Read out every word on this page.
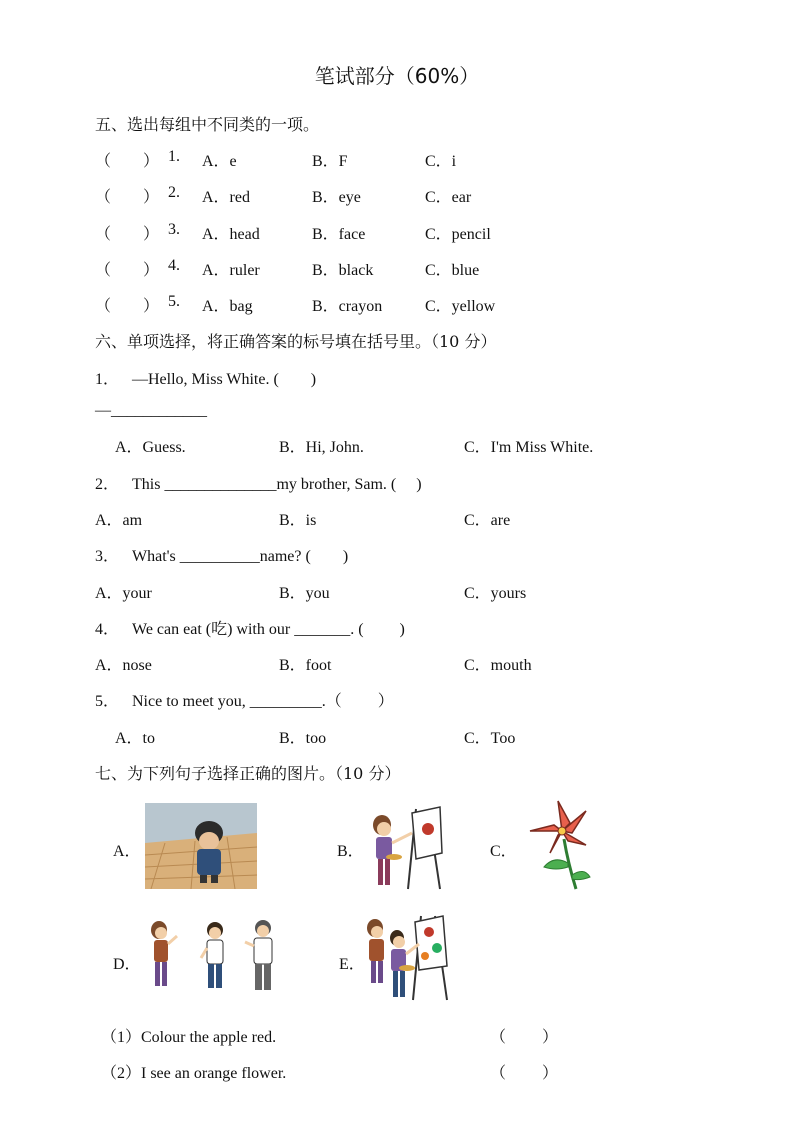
笔试部分（60%）
五、选出每组中不同类的一项。
（　　） 1. A．e	B．F	C．i
（　　） 2. A．red	B．eye	C．ear
（　　） 3. A．head	B．face	C．pencil
（　　） 4. A．ruler	B．black	C．blue
（　　） 5. A．bag	B．crayon	C．yellow
六、单项选择，将正确答案的标号填在括号里。（10 分）
1． —Hello, Miss White. (　　)
—____________
A．Guess.	B．Hi, John.	C．I'm Miss White.
2． This ______________my brother, Sam. (　 )
A．am	B．is	C．are
3． What's __________name? (　　)
A．your	B．you	C．yours
4． We can eat (吃) with our _______. (　　 )
A．nose	B．foot	C．mouth
5． Nice to meet you, _________.（　　 ）
A．to	B．too	C．Too
七、为下列句子选择正确的图片。（10 分）
A．	B．	C．
D．	E．
（1）Colour the apple red.	（　　 ）
（2）I see an orange flower.	（　　 ）
